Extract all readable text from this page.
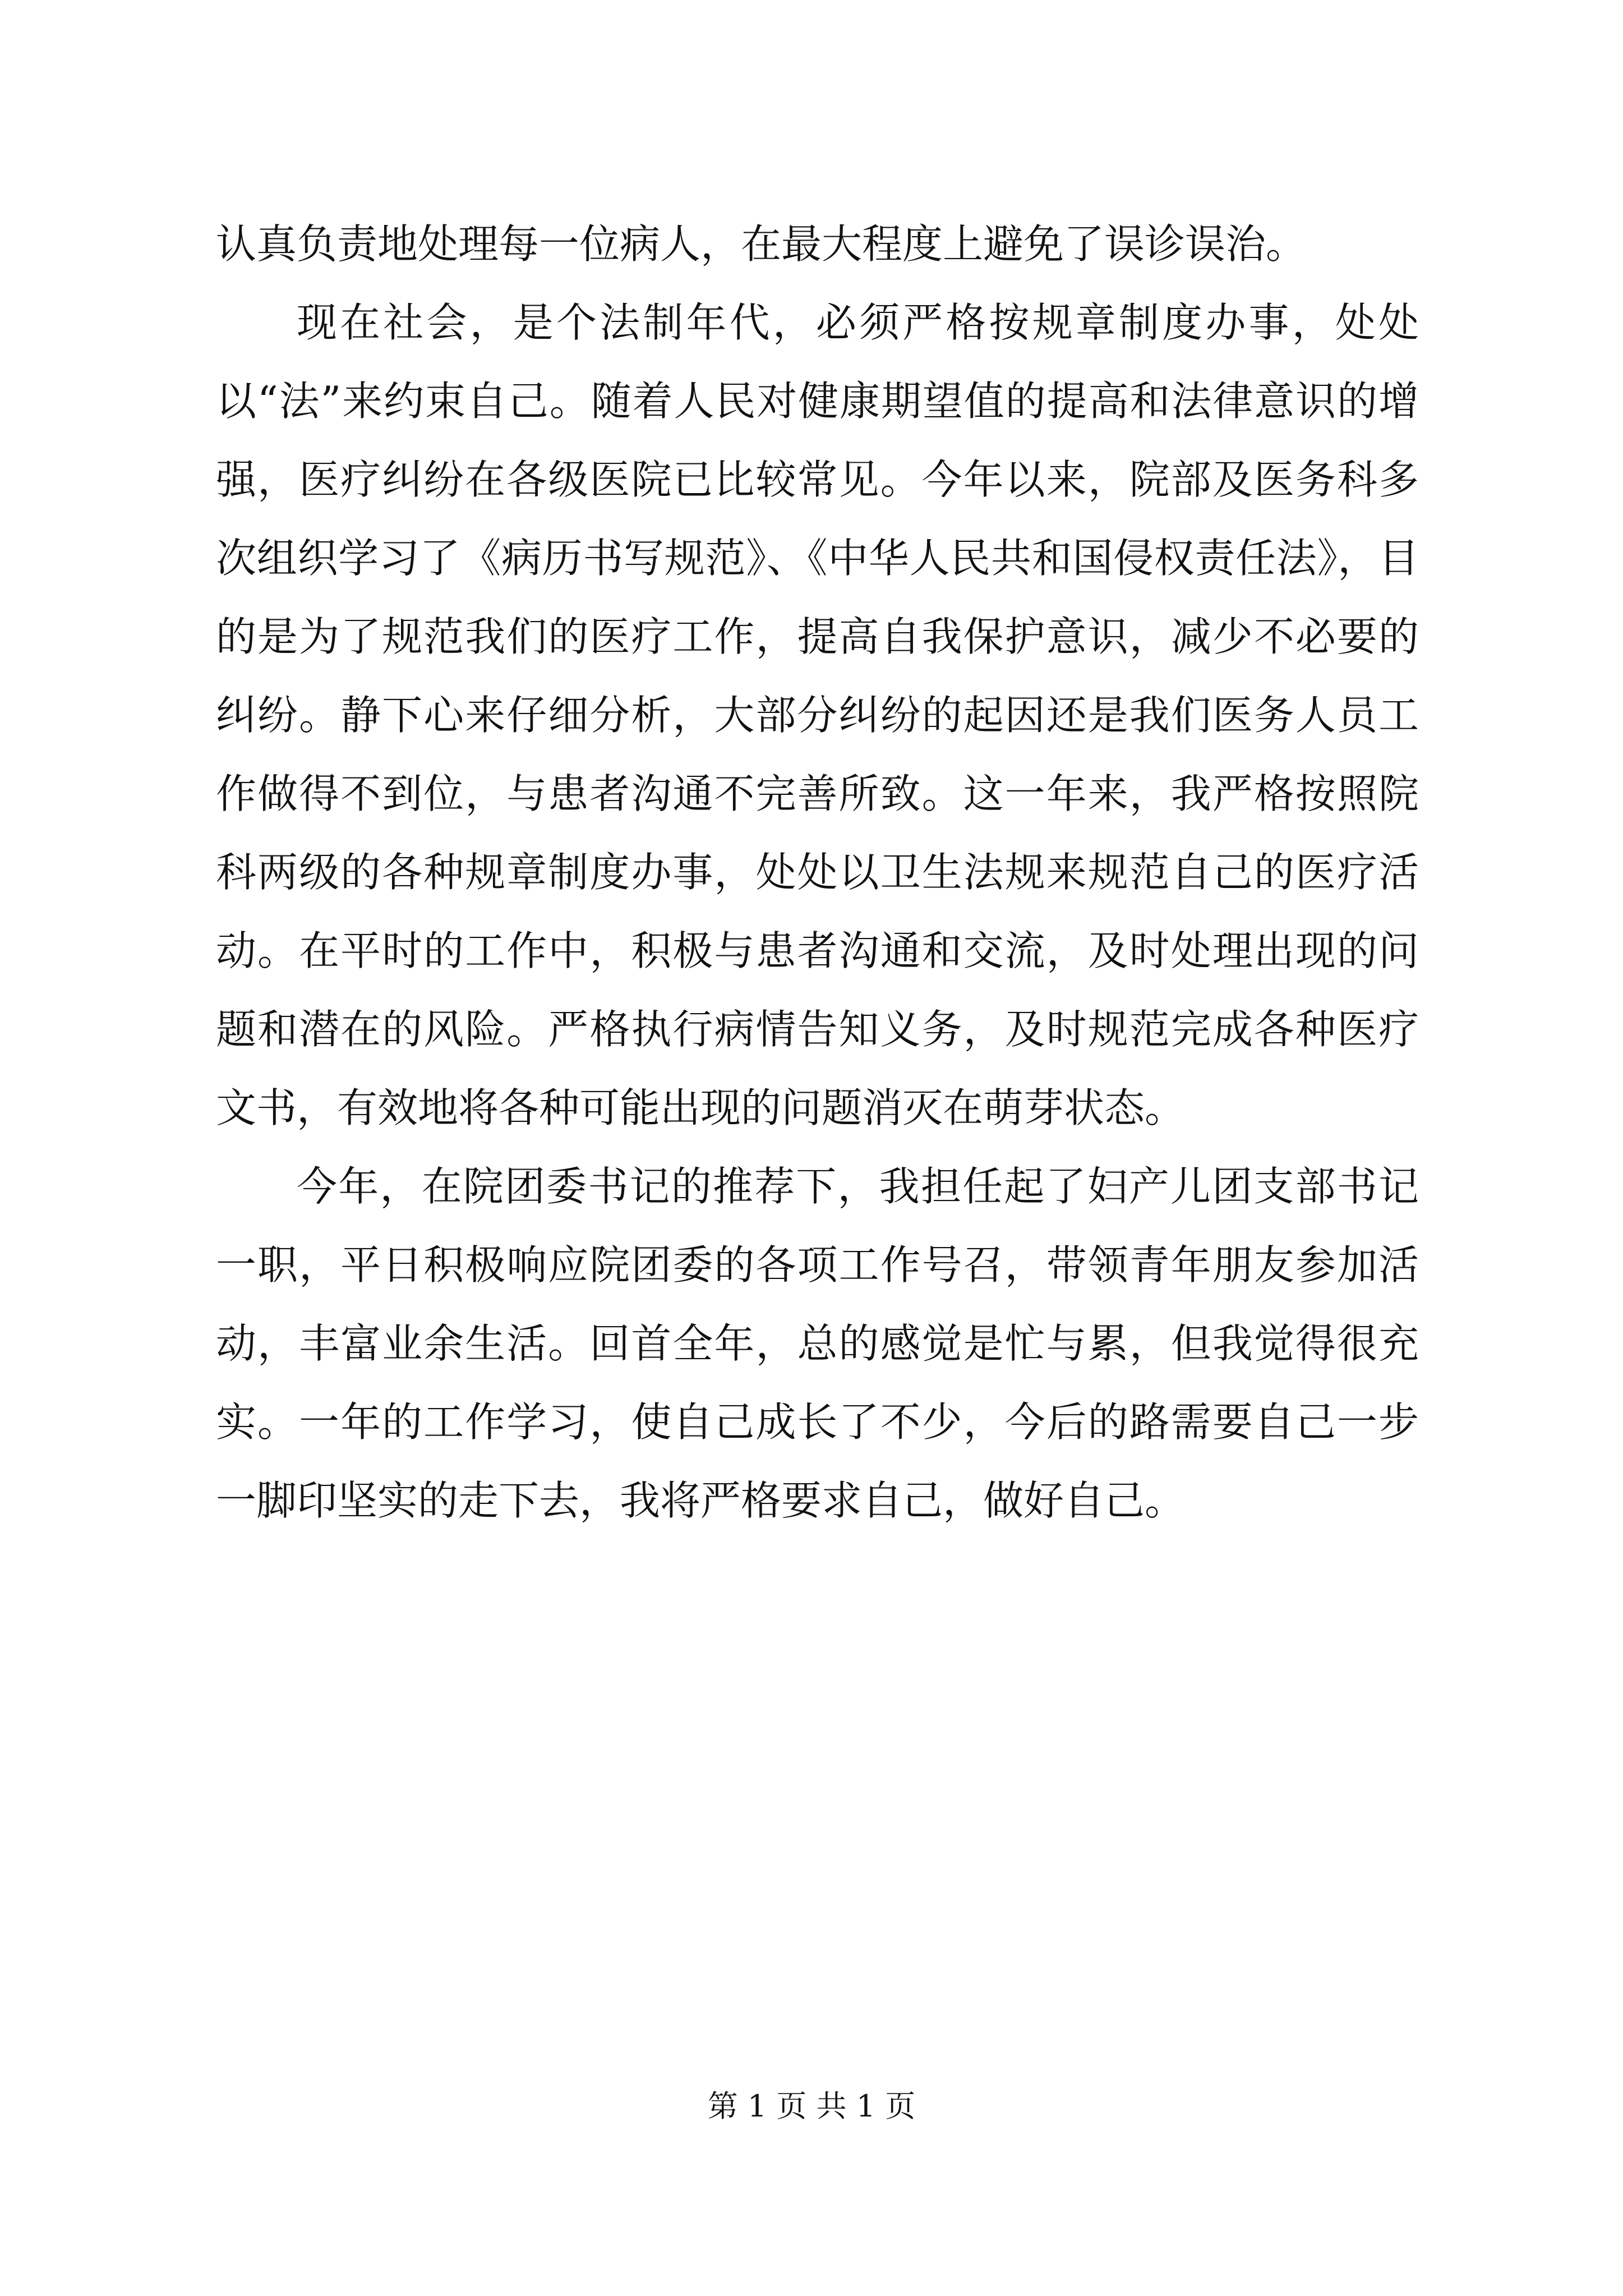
认真负责地处理每一位病人，在最大程度上避免了误诊误治。

现在社会，是个法制年代，必须严格按规章制度办事，处处以“法”来约束自己。随着人民对健康期望值的提高和法律意识的增强，医疗纠纷在各级医院已比较常见。今年以来，院部及医务科多次组织学习了《病历书写规范》、《中华人民共和国侵权责任法》，目的是为了规范我们的医疗工作，提高自我保护意识，减少不必要的纠纷。静下心来仔细分析，大部分纠纷的起因还是我们医务人员工作做得不到位，与患者沟通不完善所致。这一年来，我严格按照院科两级的各种规章制度办事，处处以卫生法规来规范自己的医疗活动。在平时的工作中，积极与患者沟通和交流，及时处理出现的问题和潜在的风险。严格执行病情告知义务，及时规范完成各种医疗文书，有效地将各种可能出现的问题消灭在萌芽状态。

今年，在院团委书记的推荐下，我担任起了妇产儿团支部书记一职，平日积极响应院团委的各项工作号召，带领青年朋友参加活动，丰富业余生活。回首全年，总的感觉是忙与累，但我觉得很充实。一年的工作学习，使自己成长了不少，今后的路需要自己一步一脚印坚实的走下去，我将严格要求自己，做好自己。

第 1 页 共 1 页
